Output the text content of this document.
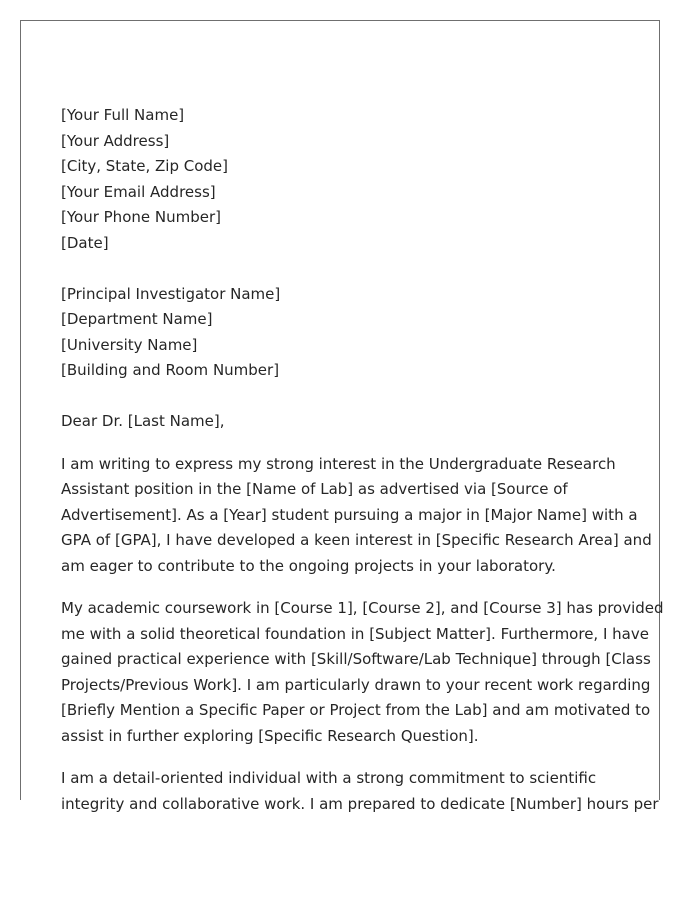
[Your Full Name]
[Your Address]
[City, State, Zip Code]
[Your Email Address]
[Your Phone Number]
[Date]
[Principal Investigator Name]
[Department Name]
[University Name]
[Building and Room Number]
Dear Dr. [Last Name],
I am writing to express my strong interest in the Undergraduate Research
Assistant position in the [Name of Lab] as advertised via [Source of
Advertisement]. As a [Year] student pursuing a major in [Major Name] with a
GPA of [GPA], I have developed a keen interest in [Specific Research Area] and
am eager to contribute to the ongoing projects in your laboratory.
My academic coursework in [Course 1], [Course 2], and [Course 3] has provided
me with a solid theoretical foundation in [Subject Matter]. Furthermore, I have
gained practical experience with [Skill/Software/Lab Technique] through [Class
Projects/Previous Work]. I am particularly drawn to your recent work regarding
[Briefly Mention a Specific Paper or Project from the Lab] and am motivated to
assist in further exploring [Specific Research Question].
I am a detail-oriented individual with a strong commitment to scientific
integrity and collaborative work. I am prepared to dedicate [Number] hours per
